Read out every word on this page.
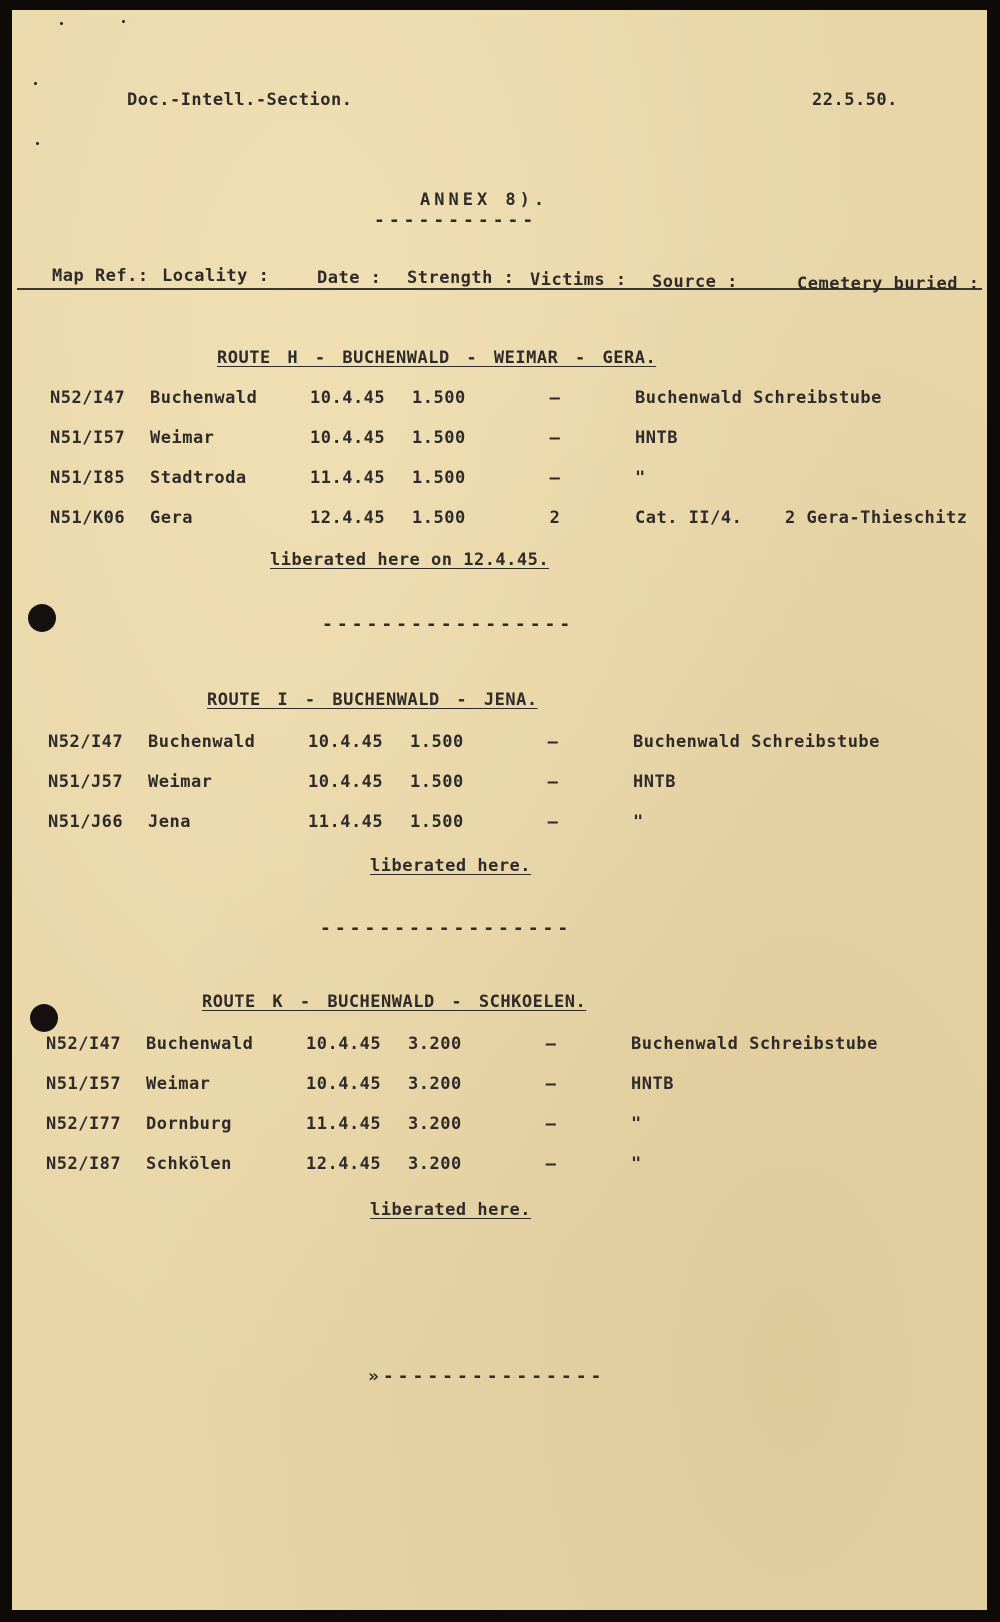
Doc.-Intell.-Section.	22.5.50.
ANNEX 8).
-----------
Map Ref.: Locality :	Date : Strength : Victims : Source :	Cemetery buried :
ROUTE H - BUCHENWALD - WEIMAR - GERA.
N52/I47 Buchenwald	10.4.45 1.500	—	Buchenwald Schreibstube
N51/I57 Weimar	10.4.45 1.500	—	HNTB
N51/I85 Stadtroda	11.4.45 1.500	—	"
N51/K06 Gera	12.4.45 1.500	2	Cat. II/4.	2 Gera-Thieschitz
liberated here on 12.4.45.
-----------------
ROUTE I - BUCHENWALD - JENA.
N52/I47 Buchenwald	10.4.45 1.500	—	Buchenwald Schreibstube
N51/J57 Weimar	10.4.45 1.500	—	HNTB
N51/J66 Jena	11.4.45 1.500	—	"
liberated here.
-----------------
ROUTE K - BUCHENWALD - SCHKOELEN.
N52/I47 Buchenwald	10.4.45 3.200	—	Buchenwald Schreibstube
N51/I57 Weimar	10.4.45 3.200	—	HNTB
N52/I77 Dornburg	11.4.45 3.200	—	"
N52/I87 Schkölen	12.4.45 3.200	—	"
liberated here.
»---------------
